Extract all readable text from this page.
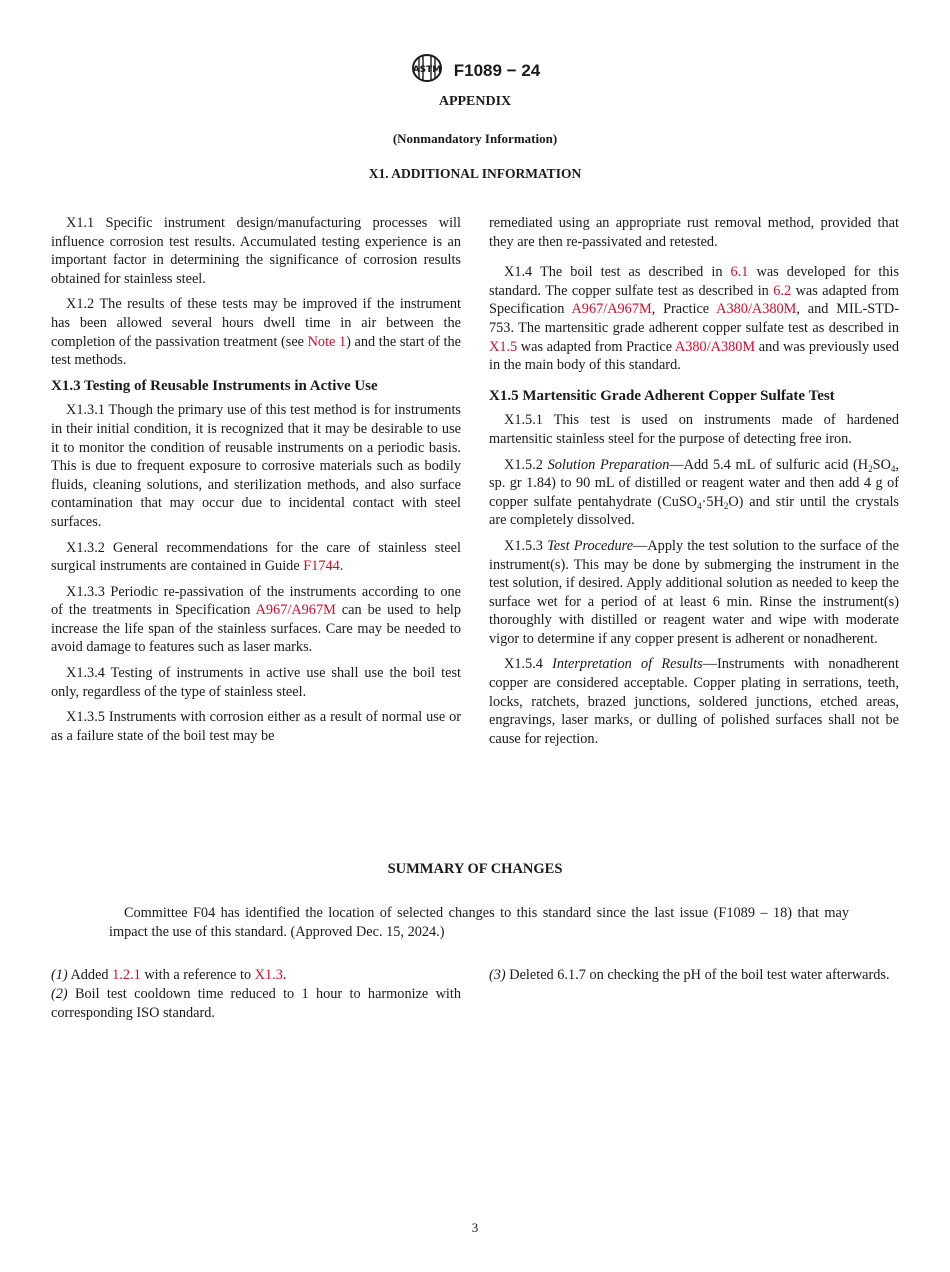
ASTM F1089 − 24
APPENDIX
(Nonmandatory Information)
X1. ADDITIONAL INFORMATION

X1.1 Specific instrument design/manufacturing processes will influence corrosion test results. Accumulated testing experience is an important factor in determining the significance of corrosion results obtained for stainless steel.

X1.2 The results of these tests may be improved if the instrument has been allowed several hours dwell time in air between the completion of the passivation treatment (see Note 1) and the start of the test methods.

X1.3 Testing of Reusable Instruments in Active Use

X1.3.1 Though the primary use of this test method is for instruments in their initial condition, it is recognized that it may be desirable to use it to monitor the condition of reusable instruments on a periodic basis. This is due to frequent exposure to corrosive materials such as bodily fluids, cleaning solutions, and sterilization methods, and also surface contamination that may occur due to incidental contact with steel surfaces.

X1.3.2 General recommendations for the care of stainless steel surgical instruments are contained in Guide F1744.

X1.3.3 Periodic re-passivation of the instruments according to one of the treatments in Specification A967/A967M can be used to help increase the life span of the stainless surfaces. Care may be needed to avoid damage to features such as laser marks.

X1.3.4 Testing of instruments in active use shall use the boil test only, regardless of the type of stainless steel.

X1.3.5 Instruments with corrosion either as a result of normal use or as a failure state of the boil test may be

remediated using an appropriate rust removal method, provided that they are then re-passivated and retested.

X1.4 The boil test as described in 6.1 was developed for this standard. The copper sulfate test as described in 6.2 was adapted from Specification A967/A967M, Practice A380/A380M, and MIL-STD-753. The martensitic grade adherent copper sulfate test as described in X1.5 was adapted from Practice A380/A380M and was previously used in the main body of this standard.

X1.5 Martensitic Grade Adherent Copper Sulfate Test

X1.5.1 This test is used on instruments made of hardened martensitic stainless steel for the purpose of detecting free iron.

X1.5.2 Solution Preparation—Add 5.4 mL of sulfuric acid ($H_2SO_4$, sp. gr 1.84) to 90 mL of distilled or reagent water and then add 4 g of copper sulfate pentahydrate $(CuSO_4\cdot 5H_2O)$ and stir until the crystals are completely dissolved.

X1.5.3 Test Procedure—Apply the test solution to the surface of the instrument(s). This may be done by submerging the instrument in the test solution, if desired. Apply additional solution as needed to keep the surface wet for a period of at least 6 min. Rinse the instrument(s) thoroughly with distilled or reagent water and wipe with moderate vigor to determine if any copper present is adherent or nonadherent.

X1.5.4 Interpretation of Results—Instruments with nonadherent copper are considered acceptable. Copper plating in serrations, teeth, locks, ratchets, brazed junctions, soldered junctions, etched areas, engravings, laser marks, or dulling of polished surfaces shall not be cause for rejection.

SUMMARY OF CHANGES
Committee F04 has identified the location of selected changes to this standard since the last issue (F1089 – 18) that may impact the use of this standard. (Approved Dec. 15, 2024.)
(1) Added 1.2.1 with a reference to X1.3.
(2) Boil test cooldown time reduced to 1 hour to harmonize with corresponding ISO standard.
(3) Deleted 6.1.7 on checking the pH of the boil test water afterwards.
3
